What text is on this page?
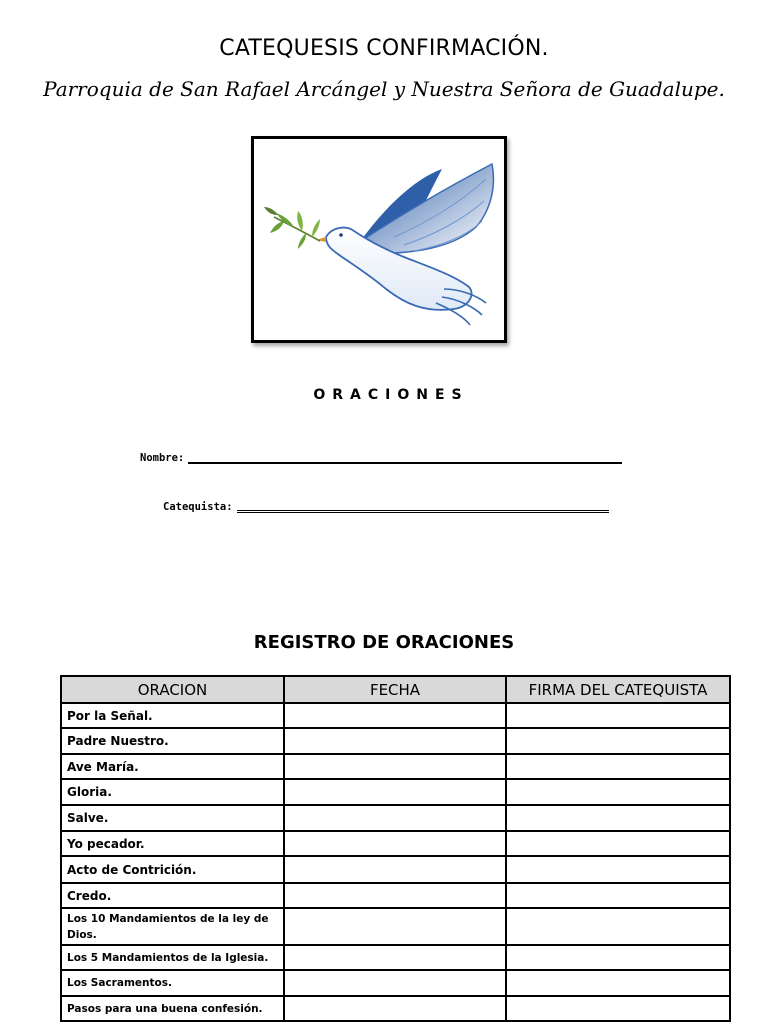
CATEQUESIS CONFIRMACIÓN.
Parroquia de San Rafael Arcángel y Nuestra Señora de Guadalupe.
ORACIONES
Nombre:
Catequista:
REGISTRO DE ORACIONES
ORACION	FECHA	FIRMA DEL CATEQUISTA
Por la Señal.		
Padre Nuestro.		
Ave María.		
Gloria.		
Salve.		
Yo pecador.		
Acto de Contrición.		
Credo.		
Los 10 Mandamientos de la ley de Dios.		
Los 5 Mandamientos de la Iglesia.		
Los Sacramentos.		
Pasos para una buena confesión.		
